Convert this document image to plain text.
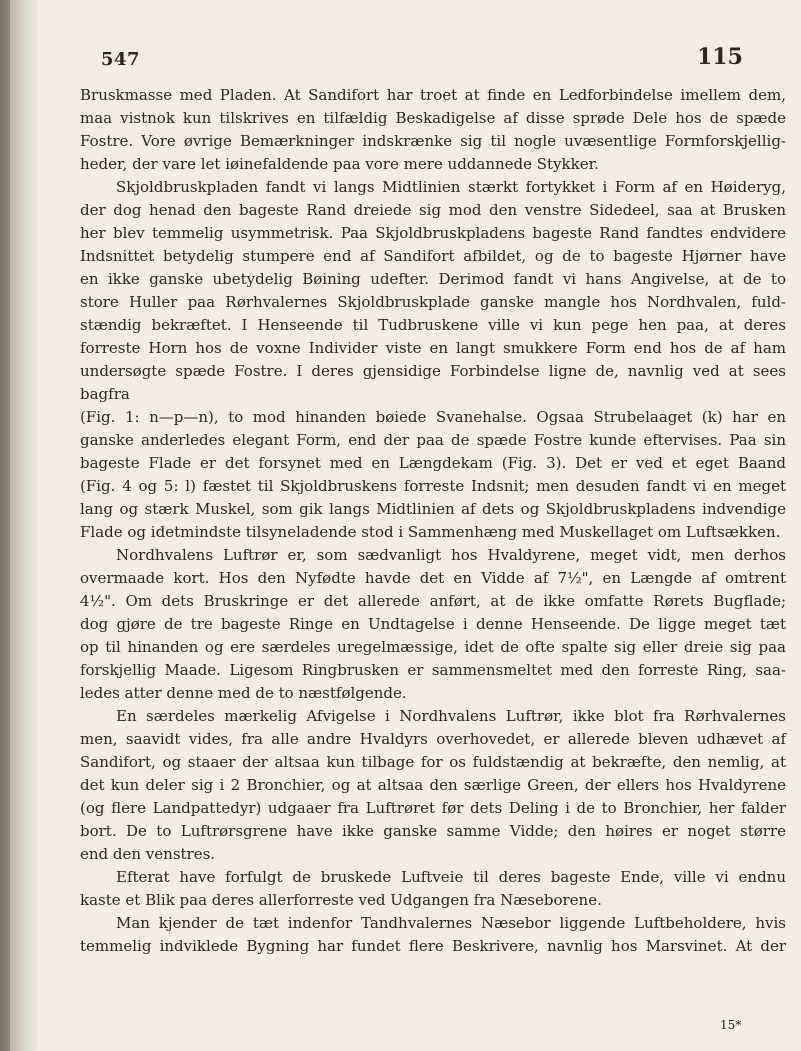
547	115

Bruskmasse med Pladen. At Sandifort har troet at finde en Ledforbindelse imellem dem,

maa vistnok kun tilskrives en tilfældig Beskadigelse af disse sprøde Dele hos de spæde

Fostre. Vore øvrige Bemærkninger indskrænke sig til nogle uvæsentlige Formforskjellig-

heder, der vare let iøinefaldende paa vore mere uddannede Stykker.

Skjoldbruskpladen fandt vi langs Midtlinien stærkt fortykket i Form af en Høideryg,

der dog henad den bageste Rand dreiede sig mod den venstre Sidedeel, saa at Brusken

her blev temmelig usymmetrisk. Paa Skjoldbruskpladens bageste Rand fandtes endvidere

Indsnittet betydelig stumpere end af Sandifort afbildet, og de to bageste Hjørner have

en ikke ganske ubetydelig Bøining udefter. Derimod fandt vi hans Angivelse, at de to

store Huller paa Rørhvalernes Skjoldbruskplade ganske mangle hos Nordhvalen, fuld-

stændig bekræftet. I Henseende til Tudbruskene ville vi kun pege hen paa, at deres

forreste Horn hos de voxne Individer viste en langt smukkere Form end hos de af ham

undersøgte spæde Fostre. I deres gjensidige Forbindelse ligne de, navnlig ved at sees bagfra

(Fig. 1: n—p—n), to mod hinanden bøiede Svanehalse. Ogsaa Strubelaaget (k) har en

ganske anderledes elegant Form, end der paa de spæde Fostre kunde eftervises. Paa sin

bageste Flade er det forsynet med en Længdekam (Fig. 3). Det er ved et eget Baand

(Fig. 4 og 5: l) fæstet til Skjoldbruskens forreste Indsnit; men desuden fandt vi en meget

lang og stærk Muskel, som gik langs Midtlinien af dets og Skjoldbruskpladens indvendige

Flade og idetmindste tilsyneladende stod i Sammenhæng med Muskellaget om Luftsækken.

Nordhvalens Luftrør er, som sædvanligt hos Hvaldyrene, meget vidt, men derhos

overmaade kort. Hos den Nyfødte havde det en Vidde af 7½", en Længde af omtrent

4½". Om dets Bruskringe er det allerede anført, at de ikke omfatte Rørets Bugflade;

dog gjøre de tre bageste Ringe en Undtagelse i denne Henseende. De ligge meget tæt

op til hinanden og ere særdeles uregelmæssige, idet de ofte spalte sig eller dreie sig paa

forskjellig Maade. Ligesom Ringbrusken er sammensmeltet med den forreste Ring, saa-

ledes atter denne med de to næstfølgende.

En særdeles mærkelig Afvigelse i Nordhvalens Luftrør, ikke blot fra Rørhvalernes

men, saavidt vides, fra alle andre Hvaldyrs overhovedet, er allerede bleven udhævet af

Sandifort, og staaer der altsaa kun tilbage for os fuldstændig at bekræfte, den nemlig, at

det kun deler sig i 2 Bronchier, og at altsaa den særlige Green, der ellers hos Hvaldyrene

(og flere Landpattedyr) udgaaer fra Luftrøret før dets Deling i de to Bronchier, her falder

bort. De to Luftrørsgrene have ikke ganske samme Vidde; den høires er noget større

end den venstres.

Efterat have forfulgt de bruskede Luftveie til deres bageste Ende, ville vi endnu

kaste et Blik paa deres allerforreste ved Udgangen fra Næseborene.

Man kjender de tæt indenfor Tandhvalernes Næsebor liggende Luftbeholdere, hvis

temmelig indviklede Bygning har fundet flere Beskrivere, navnlig hos Marsvinet. At der

15*
